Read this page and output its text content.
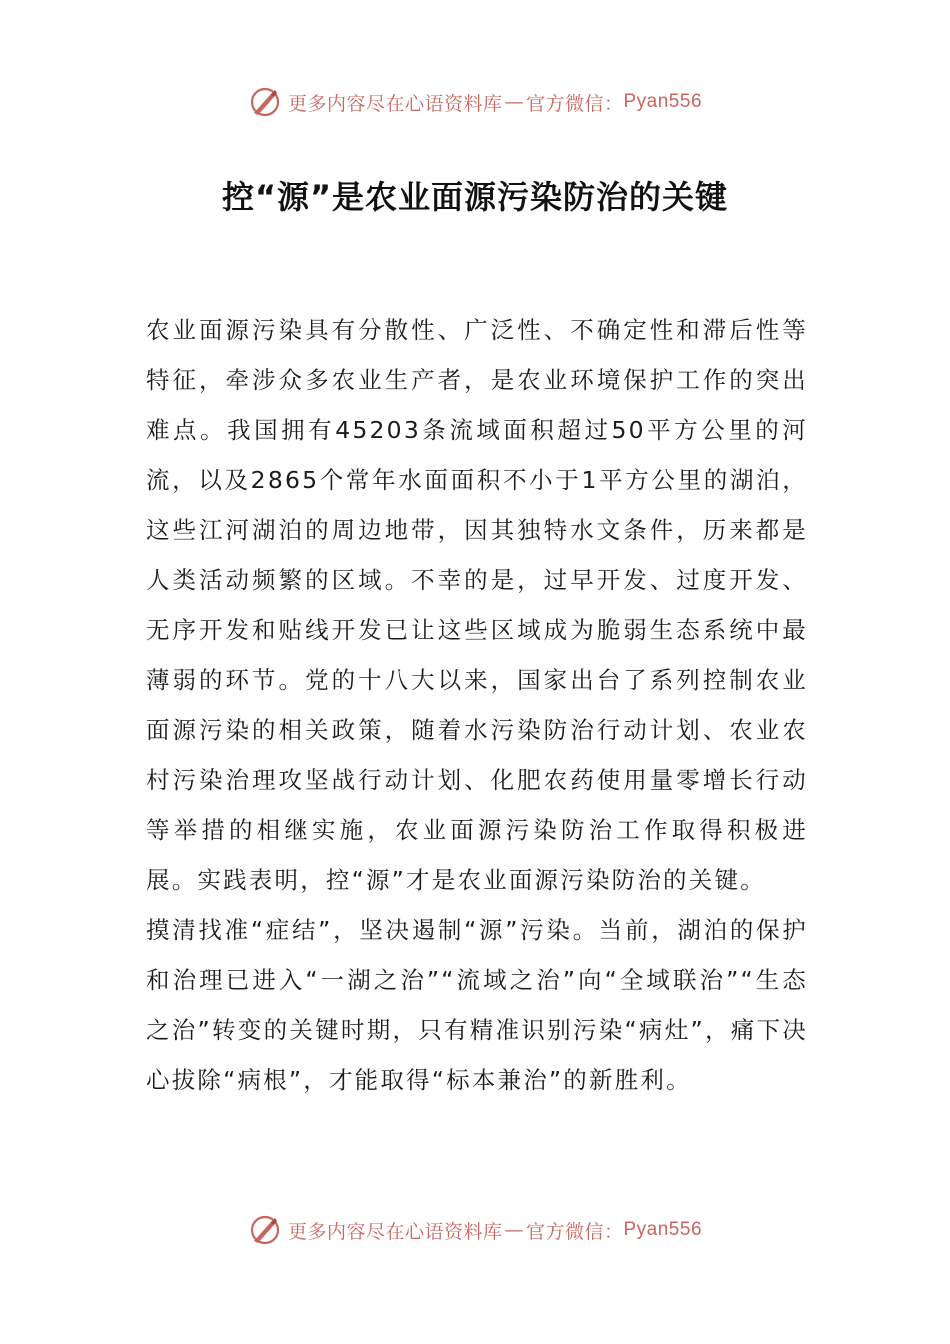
更多内容尽在心语资料库 — 官方微信： Pyan556
控“源”是农业面源污染防治的关键

农业面源污染具有分散性、广泛性、不确定性和滞后性等特征，牵涉众多农业生产者，是农业环境保护工作的突出难点。我国拥有45203条流域面积超过50平方公里的河流，以及2865个常年水面面积不小于1平方公里的湖泊，这些江河湖泊的周边地带，因其独特水文条件，历来都是人类活动频繁的区域。不幸的是，过早开发、过度开发、无序开发和贴线开发已让这些区域成为脆弱生态系统中最薄弱的环节。党的十八大以来，国家出台了系列控制农业面源污染的相关政策，随着水污染防治行动计划、农业农村污染治理攻坚战行动计划、化肥农药使用量零增长行动等举措的相继实施，农业面源污染防治工作取得积极进展。实践表明，控“源”才是农业面源污染防治的关键。

摸清找准“症结”，坚决遏制“源”污染。当前，湖泊的保护和治理已进入“一湖之治”“流域之治”向“全域联治”“生态之治”转变的关键时期，只有精准识别污染“病灶”，痛下决心拔除“病根”，才能取得“标本兼治”的新胜利。

更多内容尽在心语资料库 — 官方微信： Pyan556
